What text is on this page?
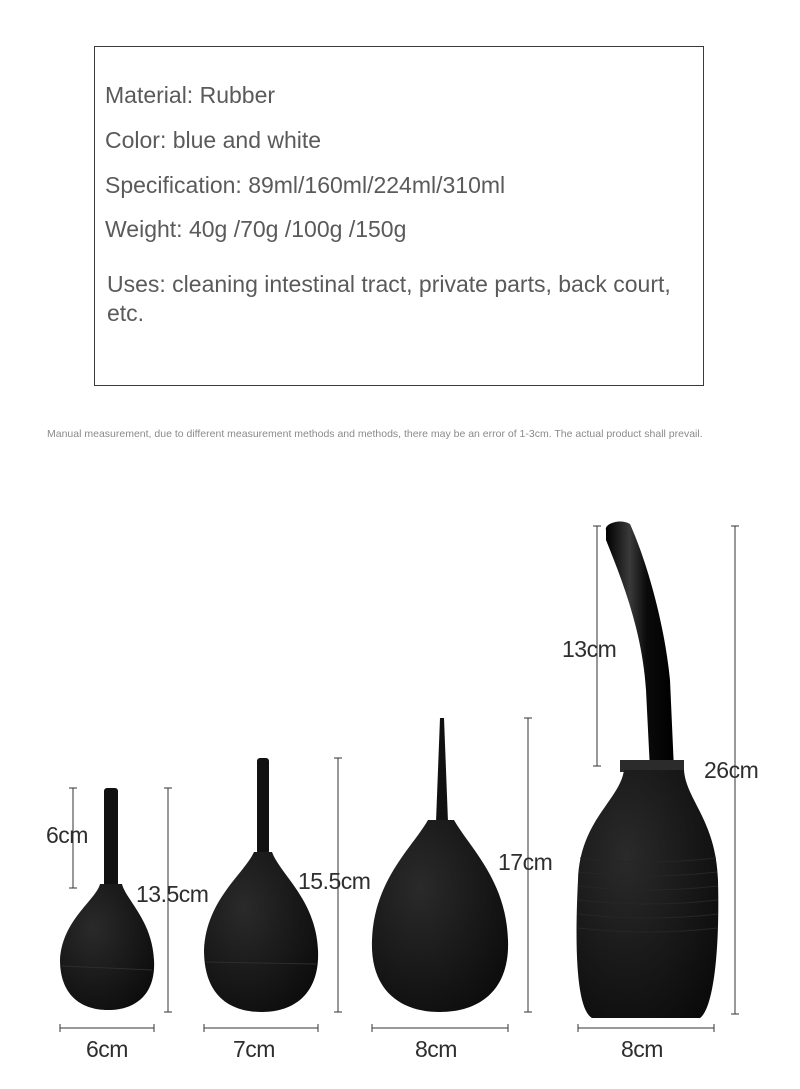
Material: Rubber
Color: blue and white
Specification: 89ml/160ml/224ml/310ml
Weight: 40g /70g /100g /150g
Uses: cleaning intestinal tract, private parts, back court, etc.
Manual measurement, due to different measurement methods and methods, there may be an error of 1-3cm. The actual product shall prevail.
6cm
13.5cm
6cm
15.5cm
7cm
17cm
8cm
13cm
26cm
8cm
